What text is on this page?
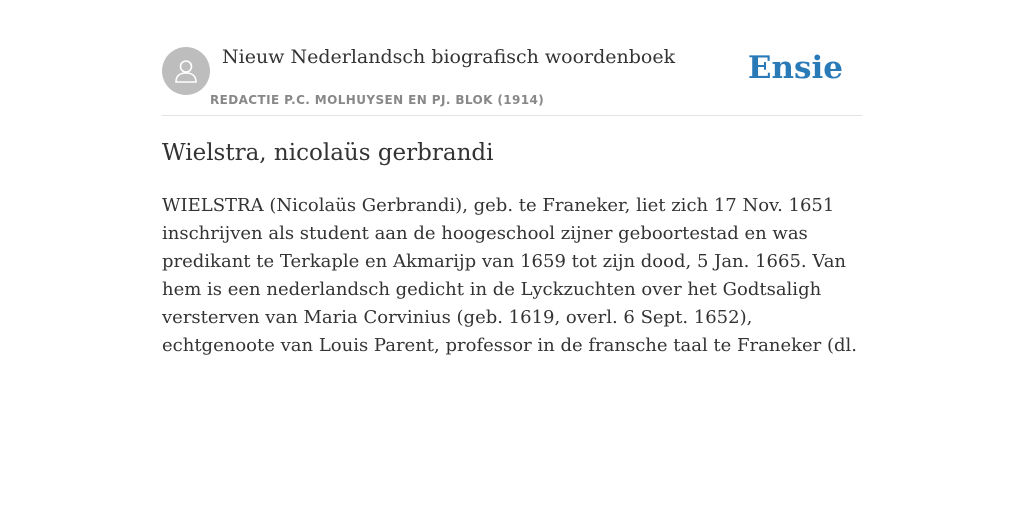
Nieuw Nederlandsch biografisch woordenboek
REDACTIE P.C. MOLHUYSEN EN PJ. BLOK (1914)
Ensie
Wielstra, nicolaüs gerbrandi

WIELSTRA (Nicolaüs Gerbrandi), geb. te Franeker, liet zich 17 Nov. 1651 inschrijven als student aan de hoogeschool zijner geboortestad en was predikant te Terkaple en Akmarijp van 1659 tot zijn dood, 5 Jan. 1665. Van hem is een nederlandsch gedicht in de Lyckzuchten over het Godtsaligh versterven van Maria Corvinius (geb. 1619, overl. 6 Sept. 1652), echtgenoote van Louis Parent, professor in de fransche taal te Franeker (dl.
